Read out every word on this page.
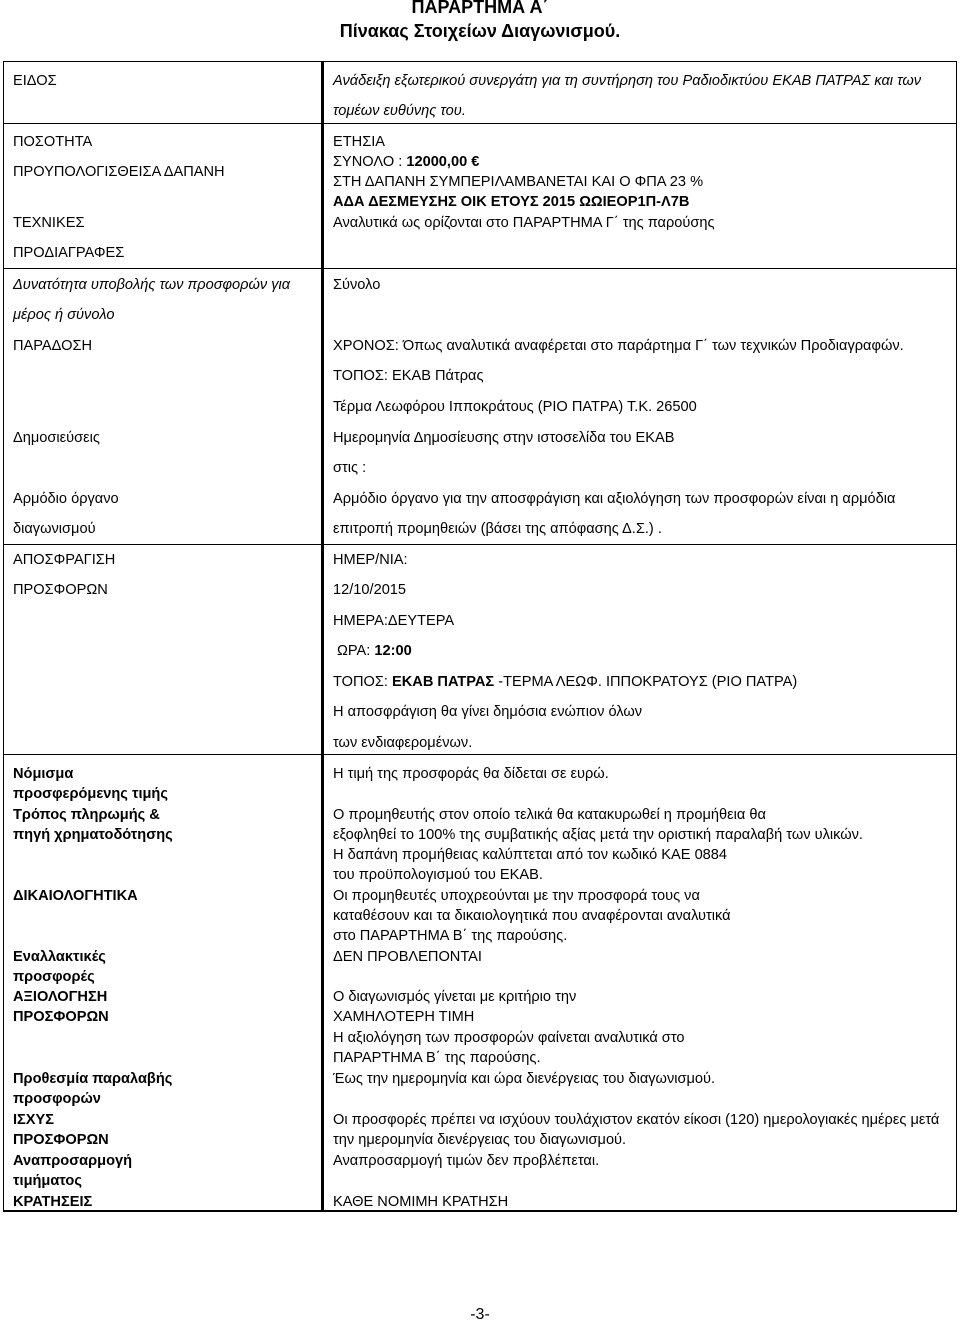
ΠΑΡΑΡΤΗΜΑ Α΄
Πίνακας Στοιχείων Διαγωνισμού.
ΕΙΔΟΣ
ΠΟΣΟΤΗΤΑ
ΠΡΟΥΠΟΛΟΓΙΣΘΕΙΣΑ ΔΑΠΑΝΗ
ΤΕΧΝΙΚΕΣ
ΠΡΟΔΙΑΓΡΑΦΕΣ
Δυνατότητα υποβολής των προσφορών για
μέρος ή σύνολο
ΠΑΡΑΔΟΣΗ
Δημοσιεύσεις
Αρμόδιο όργανο
διαγωνισμού
ΑΠΟΣΦΡΑΓΙΣΗ
ΠΡΟΣΦΟΡΩΝ
Νόμισμα
προσφερόμενης τιμής
Τρόπος πληρωμής &
πηγή χρηματοδότησης
ΔΙΚΑΙΟΛΟΓΗΤΙΚΑ
Εναλλακτικές
προσφορές
ΑΞΙΟΛΟΓΗΣΗ
ΠΡΟΣΦΟΡΩΝ
Προθεσμία παραλαβής
προσφορών
ΙΣΧΥΣ
ΠΡΟΣΦΟΡΩΝ
Αναπροσαρμογή
τιμήματος
ΚΡΑΤΗΣΕΙΣ
Ανάδειξη εξωτερικού συνεργάτη για τη συντήρηση του Ραδιοδικτύου ΕΚΑΒ ΠΑΤΡΑΣ και των
τομέων ευθύνης του.
ΕΤΗΣΙΑ
ΣΥΝΟΛΟ : 12000,00 €
ΣΤΗ ΔΑΠΑΝΗ ΣΥΜΠΕΡΙΛΑΜΒΑΝΕΤΑΙ ΚΑΙ Ο ΦΠΑ 23 %
ΑΔΑ ΔΕΣΜΕΥΣΗΣ ΟΙΚ ΕΤΟΥΣ 2015 ΩΩΙΕΟΡ1Π-Λ7Β
Αναλυτικά ως ορίζονται στο ΠΑΡΑΡΤΗΜΑ Γ΄ της παρούσης
Σύνολο
ΧΡΟΝΟΣ: Όπως αναλυτικά αναφέρεται στο παράρτημα Γ΄ των τεχνικών Προδιαγραφών.
ΤΟΠΟΣ: ΕΚΑΒ Πάτρας
Τέρμα Λεωφόρου Ιπποκράτους (ΡΙΟ ΠΑΤΡΑ) Τ.Κ. 26500
Ημερομηνία Δημοσίευσης στην ιστοσελίδα του ΕΚΑΒ
στις :
Αρμόδιο όργανο για την αποσφράγιση και αξιολόγηση των προσφορών είναι η αρμόδια
επιτροπή προμηθειών (βάσει της απόφασης Δ.Σ.) .
ΗΜΕΡ/ΝΙΑ:
12/10/2015
ΗΜΕΡΑ:ΔΕΥΤΕΡΑ
ΩΡΑ: 12:00
ΤΟΠΟΣ: ΕΚΑΒ ΠΑΤΡΑΣ -ΤΕΡΜΑ ΛΕΩΦ. ΙΠΠΟΚΡΑΤΟΥΣ (ΡΙΟ ΠΑΤΡΑ)
Η αποσφράγιση θα γίνει δημόσια ενώπιον όλων
των ενδιαφερομένων.
Η τιμή της προσφοράς θα δίδεται σε ευρώ.
Ο προμηθευτής στον οποίο τελικά θα κατακυρωθεί η προμήθεια θα
εξοφληθεί το 100% της συμβατικής αξίας μετά την οριστική παραλαβή των υλικών.
Η δαπάνη προμήθειας καλύπτεται από τον κωδικό ΚΑΕ 0884
του προϋπολογισμού του ΕΚΑΒ.
Οι προμηθευτές υποχρεούνται με την προσφορά τους να
καταθέσουν και τα δικαιολογητικά που αναφέρονται αναλυτικά
στο ΠΑΡΑΡΤΗΜΑ Β΄ της παρούσης.
ΔΕΝ ΠΡΟΒΛΕΠΟΝΤΑΙ
Ο διαγωνισμός γίνεται με κριτήριο την
ΧΑΜΗΛΟΤΕΡΗ ΤΙΜΗ
Η αξιολόγηση των προσφορών φαίνεται αναλυτικά στο
ΠΑΡΑΡΤΗΜΑ Β΄ της παρούσης.
Έως την ημερομηνία και ώρα διενέργειας του διαγωνισμού.
Οι προσφορές πρέπει να ισχύουν τουλάχιστον εκατόν είκοσι (120) ημερολογιακές ημέρες μετά
την ημερομηνία διενέργειας του διαγωνισμού.
Αναπροσαρμογή τιμών δεν προβλέπεται.
ΚΑΘΕ ΝΟΜΙΜΗ ΚΡΑΤΗΣΗ
-3-
